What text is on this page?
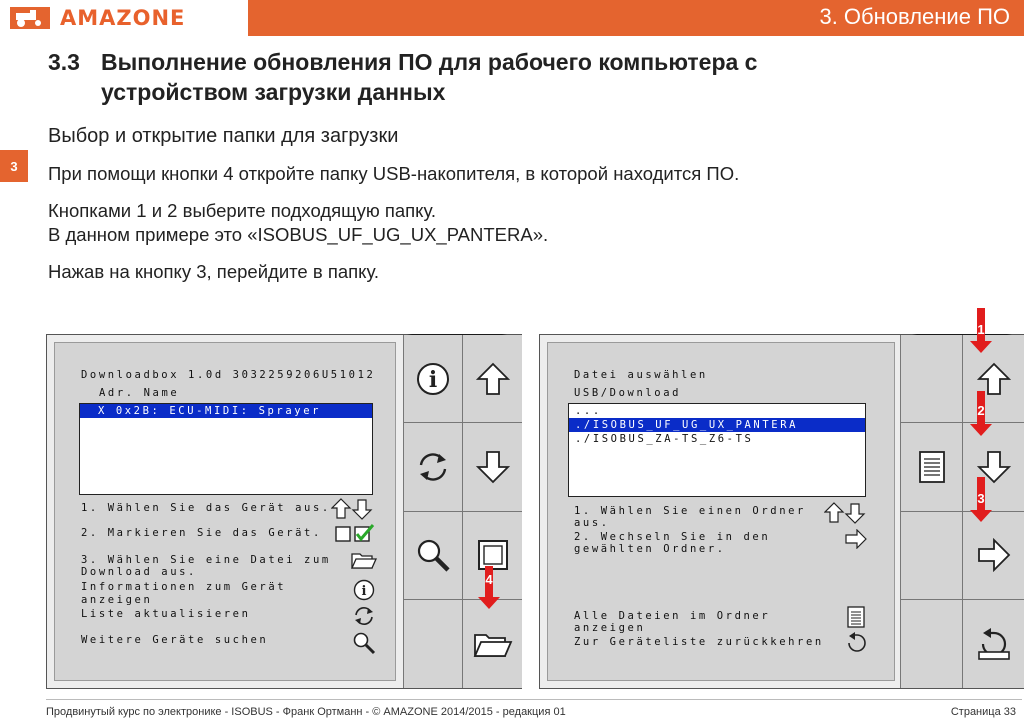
AMAZONE	3. Обновление ПО
3
3.3 Выполнение обновления ПО для рабочего компьютера с
устройством загрузки данных
Выбор и открытие папки для загрузки
При помощи кнопки 4 откройте папку USB-накопителя, в которой находится ПО.
Кнопками 1 и 2 выберите подходящую папку.
В данном примере это «ISOBUS_UF_UG_UX_PANTERA».
Нажав на кнопку 3, перейдите в папку.
Downloadbox 1.0d 3032259206U51012
Adr. Name
X 0x2B: ECU-MIDI: Sprayer
1. Wählen Sie das Gerät aus.
2. Markieren Sie das Gerät.
3. Wählen Sie eine Datei zum
Download aus.
Informationen zum Gerät
anzeigen
Liste aktualisieren
Weitere Geräte suchen
i
i
4
Datei auswählen
USB/Download
...
./ISOBUS_UF_UG_UX_PANTERA
./ISOBUS_ZA-TS_Z6-TS
1. Wählen Sie einen Ordner
aus.
2. Wechseln Sie in den
gewählten Ordner.
Alle Dateien im Ordner
anzeigen
Zur Geräteliste zurückkehren
1
2
3
Продвинутый курс по электронике - ISOBUS - Франк Ортманн - © AMAZONE 2014/2015 - редакция 01	Страница 33
